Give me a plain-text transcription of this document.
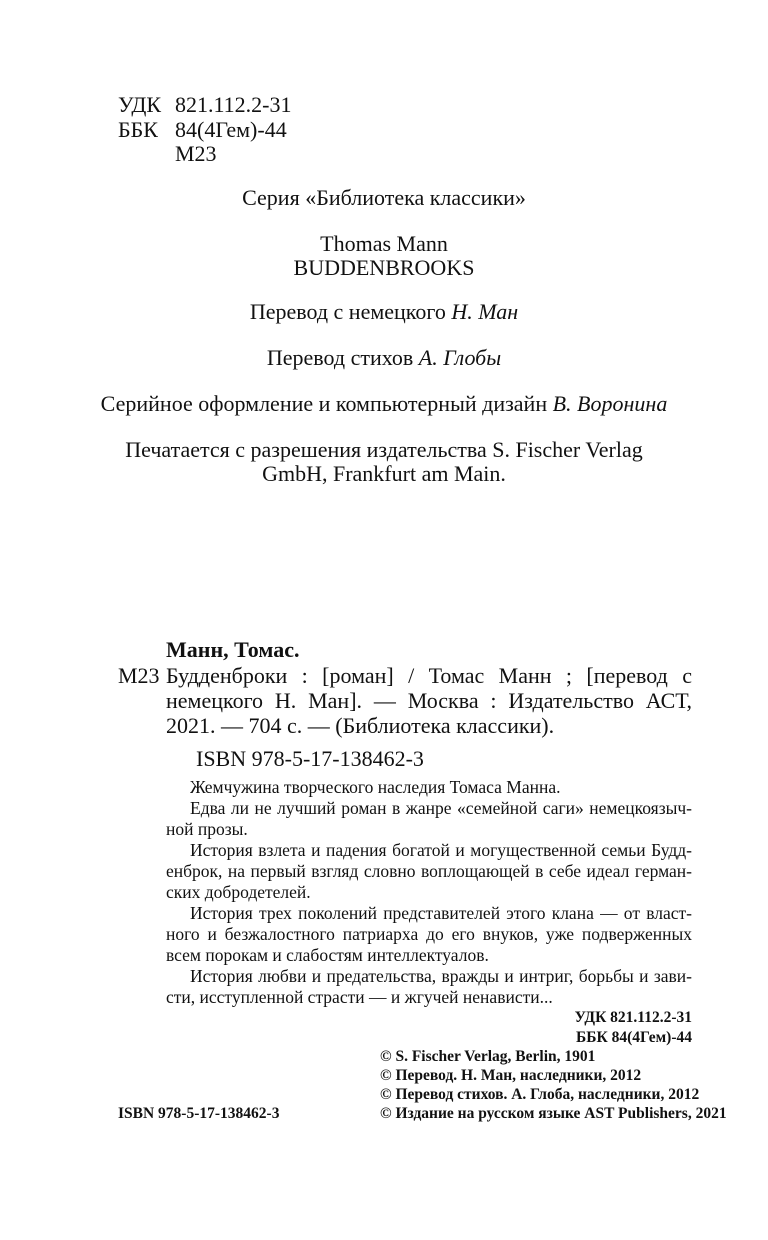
УДК 821.112.2-31
ББК 84(4Гем)-44
М23
Серия «Библиотека классики»
Thomas Mann
BUDDENBROOKS
Перевод с немецкого Н. Ман
Перевод стихов А. Глобы
Серийное оформление и компьютерный дизайн В. Воронина
Печатается с разрешения издательства S. Fischer Verlag
GmbH, Frankfurt am Main.
Манн, Томас.
М23 Будденброки : [роман] / Томас Манн ; [перевод с
немецкого Н. Ман]. — Москва : Издательство АСТ,
2021. — 704 с. — (Библиотека классики).
ISBN 978-5-17-138462-3
Жемчужина творческого наследия Томаса Манна.
Едва ли не лучший роман в жанре «семейной саги» немецкоязыч-
ной прозы.
История взлета и падения богатой и могущественной семьи Будд-
енброк, на первый взгляд словно воплощающей в себе идеал герман-
ских добродетелей.
История трех поколений представителей этого клана — от власт-
ного и безжалостного патриарха до его внуков, уже подверженных
всем порокам и слабостям интеллектуалов.
История любви и предательства, вражды и интриг, борьбы и зави-
сти, исступленной страсти — и жгучей ненависти...
УДК 821.112.2-31
ББК 84(4Гем)-44
ISBN 978-5-17-138462-3
© S. Fischer Verlag, Berlin, 1901
© Перевод. Н. Ман, наследники, 2012
© Перевод стихов. А. Глоба, наследники, 2012
© Издание на русском языке AST Publishers, 2021
